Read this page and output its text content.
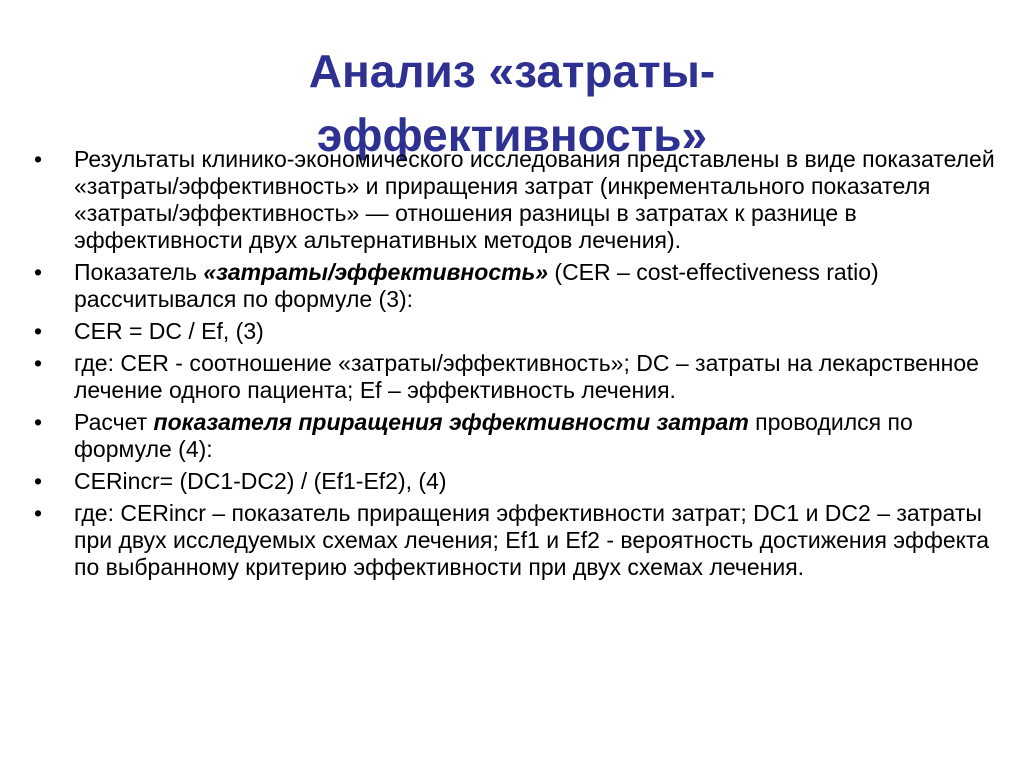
Анализ «затраты-
эффективность»
• Результаты клинико-экономического исследования представлены в виде показателей «затраты/эффективность» и приращения затрат (инкрементального показателя «затраты/эффективность» — отношения разницы в затратах к разнице в эффективности двух альтернативных методов лечения).
• Показатель «затраты/эффективность» (CER – cost-effectiveness ratio) рассчитывался по формуле (3):
• CER = DC / Ef, (3)
• где: CER - соотношение «затраты/эффективность»; DC – затраты на лекарственное лечение одного пациента; Ef – эффективность лечения.
• Расчет показателя приращения эффективности затрат проводился по формуле (4):
• CERincr= (DC1-DC2) / (Ef1-Ef2), (4)
• где: CERincr – показатель приращения эффективности затрат; DC1 и DC2 – затраты при двух исследуемых схемах лечения; Ef1 и Ef2 - вероятность достижения эффекта по выбранному критерию эффективности при двух схемах лечения.
